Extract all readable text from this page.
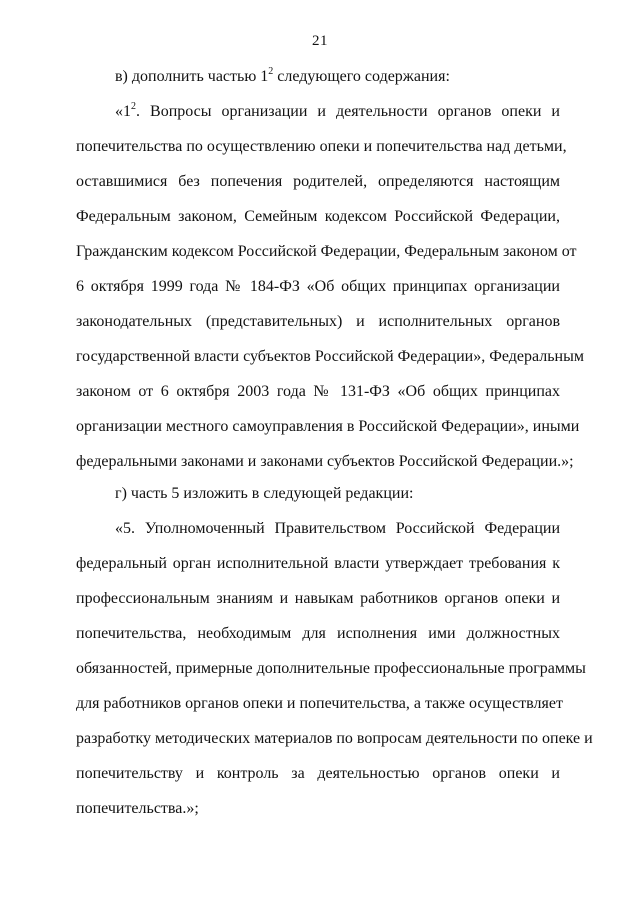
21
в) дополнить частью $1^2$ следующего содержания:
«$1^2$. Вопросы организации и деятельности органов опеки и
попечительства по осуществлению опеки и попечительства над детьми,
оставшимися без попечения родителей, определяются настоящим
Федеральным законом, Семейным кодексом Российской Федерации,
Гражданским кодексом Российской Федерации, Федеральным законом от
6 октября 1999 года № 184-ФЗ «Об общих принципах организации
законодательных (представительных) и исполнительных органов
государственной власти субъектов Российской Федерации», Федеральным
законом от 6 октября 2003 года № 131-ФЗ «Об общих принципах
организации местного самоуправления в Российской Федерации», иными
федеральными законами и законами субъектов Российской Федерации.»;
г) часть 5 изложить в следующей редакции:
«5. Уполномоченный Правительством Российской Федерации
федеральный орган исполнительной власти утверждает требования к
профессиональным знаниям и навыкам работников органов опеки и
попечительства, необходимым для исполнения ими должностных
обязанностей, примерные дополнительные профессиональные программы
для работников органов опеки и попечительства, а также осуществляет
разработку методических материалов по вопросам деятельности по опеке и
попечительству и контроль за деятельностью органов опеки и
попечительства.»;
